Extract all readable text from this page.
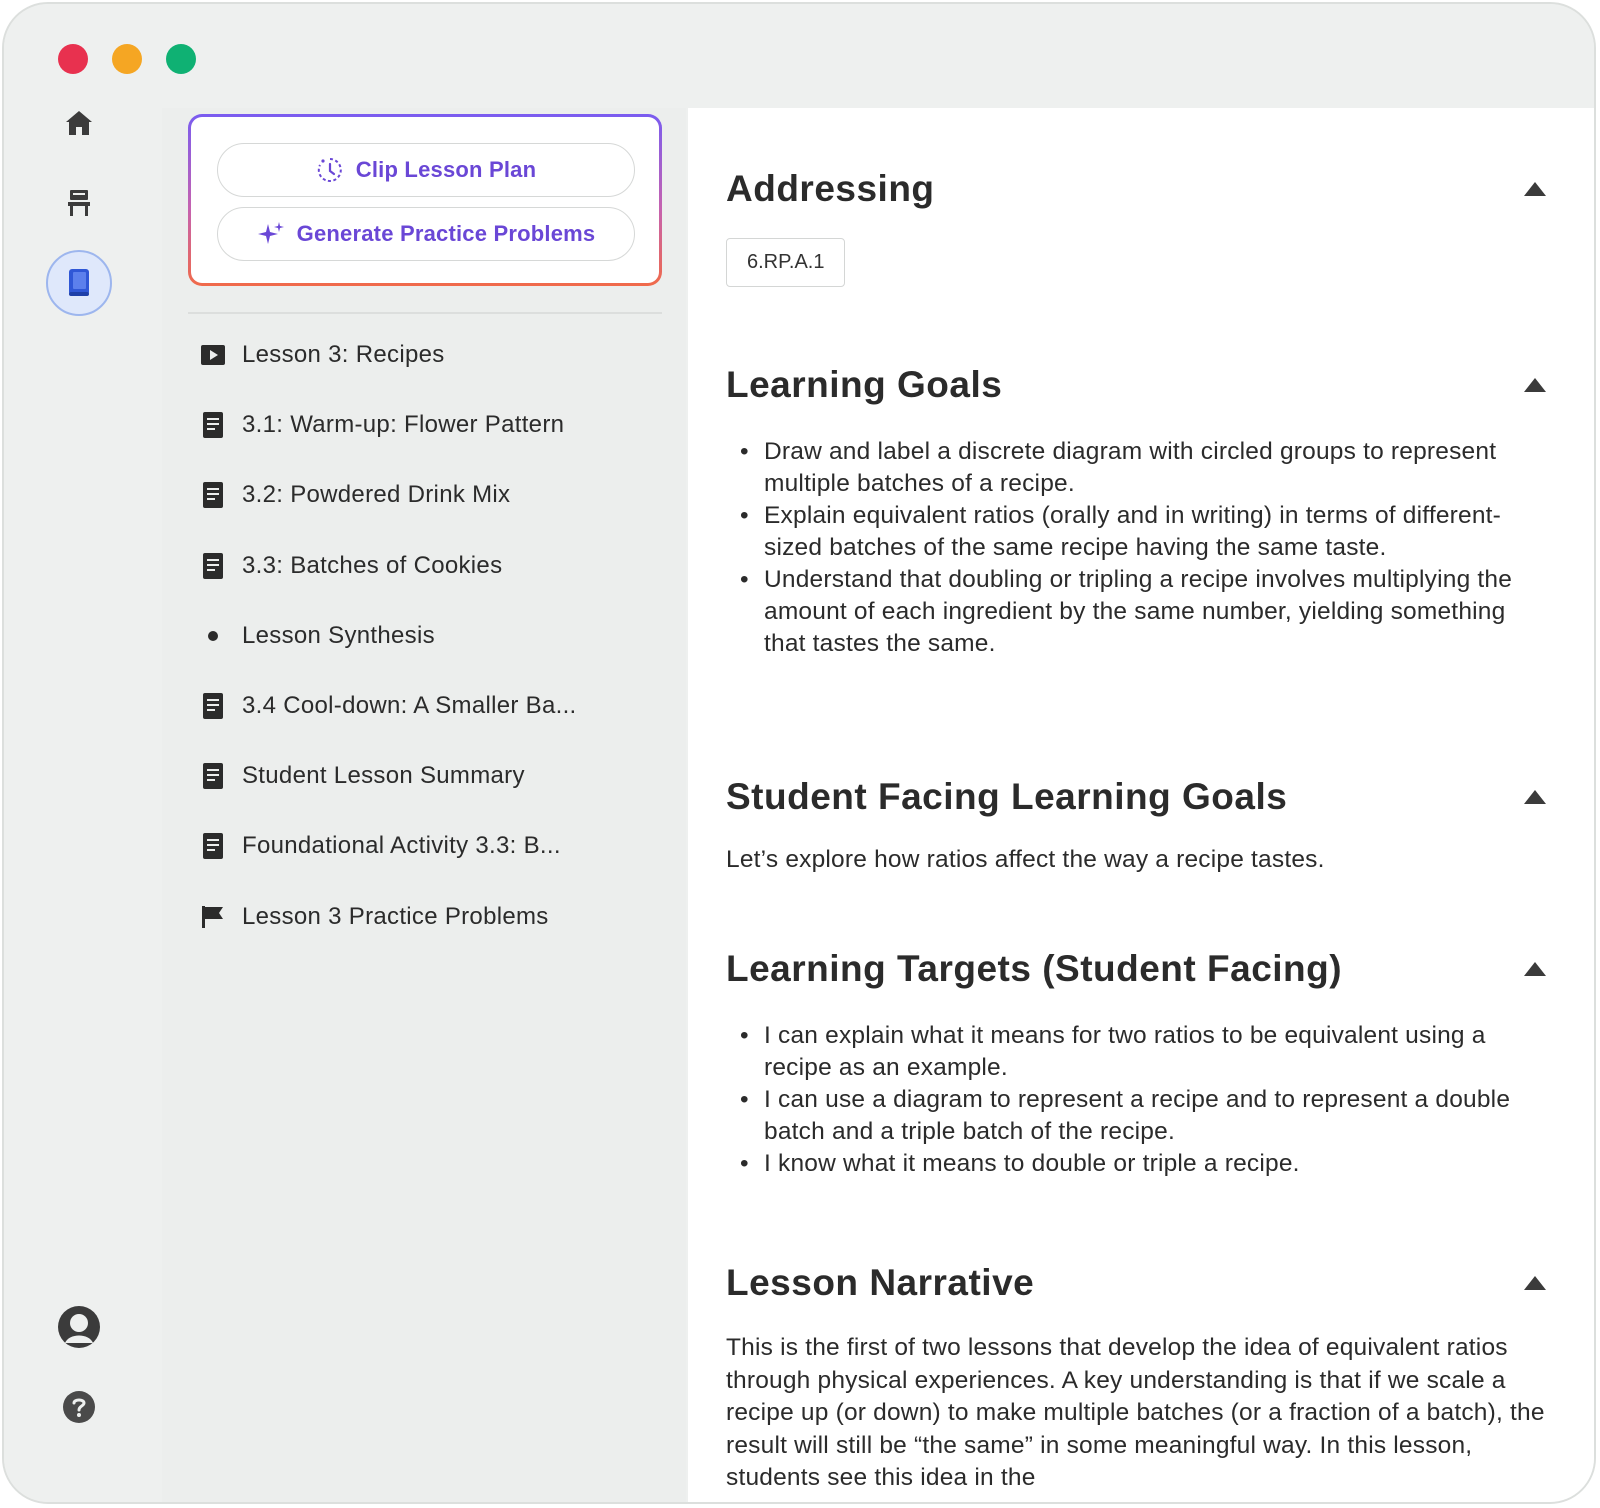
Clip Lesson Plan
Generate Practice Problems
Lesson 3: Recipes
3.1: Warm-up: Flower Pattern
3.2: Powdered Drink Mix
3.3: Batches of Cookies
Lesson Synthesis
3.4 Cool-down: A Smaller Ba...
Student Lesson Summary
Foundational Activity 3.3: B...
Lesson 3 Practice Problems
Addressing
6.RP.A.1
Learning Goals
• Draw and label a discrete diagram with circled groups to represent multiple batches of a recipe.
• Explain equivalent ratios (orally and in writing) in terms of different-sized batches of the same recipe having the same taste.
• Understand that doubling or tripling a recipe involves multiplying the amount of each ingredient by the same number, yielding something that tastes the same.
Student Facing Learning Goals

Let’s explore how ratios affect the way a recipe tastes.

Learning Targets (Student Facing)
• I can explain what it means for two ratios to be equivalent using a recipe as an example.
• I can use a diagram to represent a recipe and to represent a double batch and a triple batch of the recipe.
• I know what it means to double or triple a recipe.
Lesson Narrative

This is the first of two lessons that develop the idea of equivalent ratios through physical experiences. A key understanding is that if we scale a recipe up (or down) to make multiple batches (or a fraction of a batch), the result will still be “the same” in some meaningful way. In this lesson, students see this idea in the
